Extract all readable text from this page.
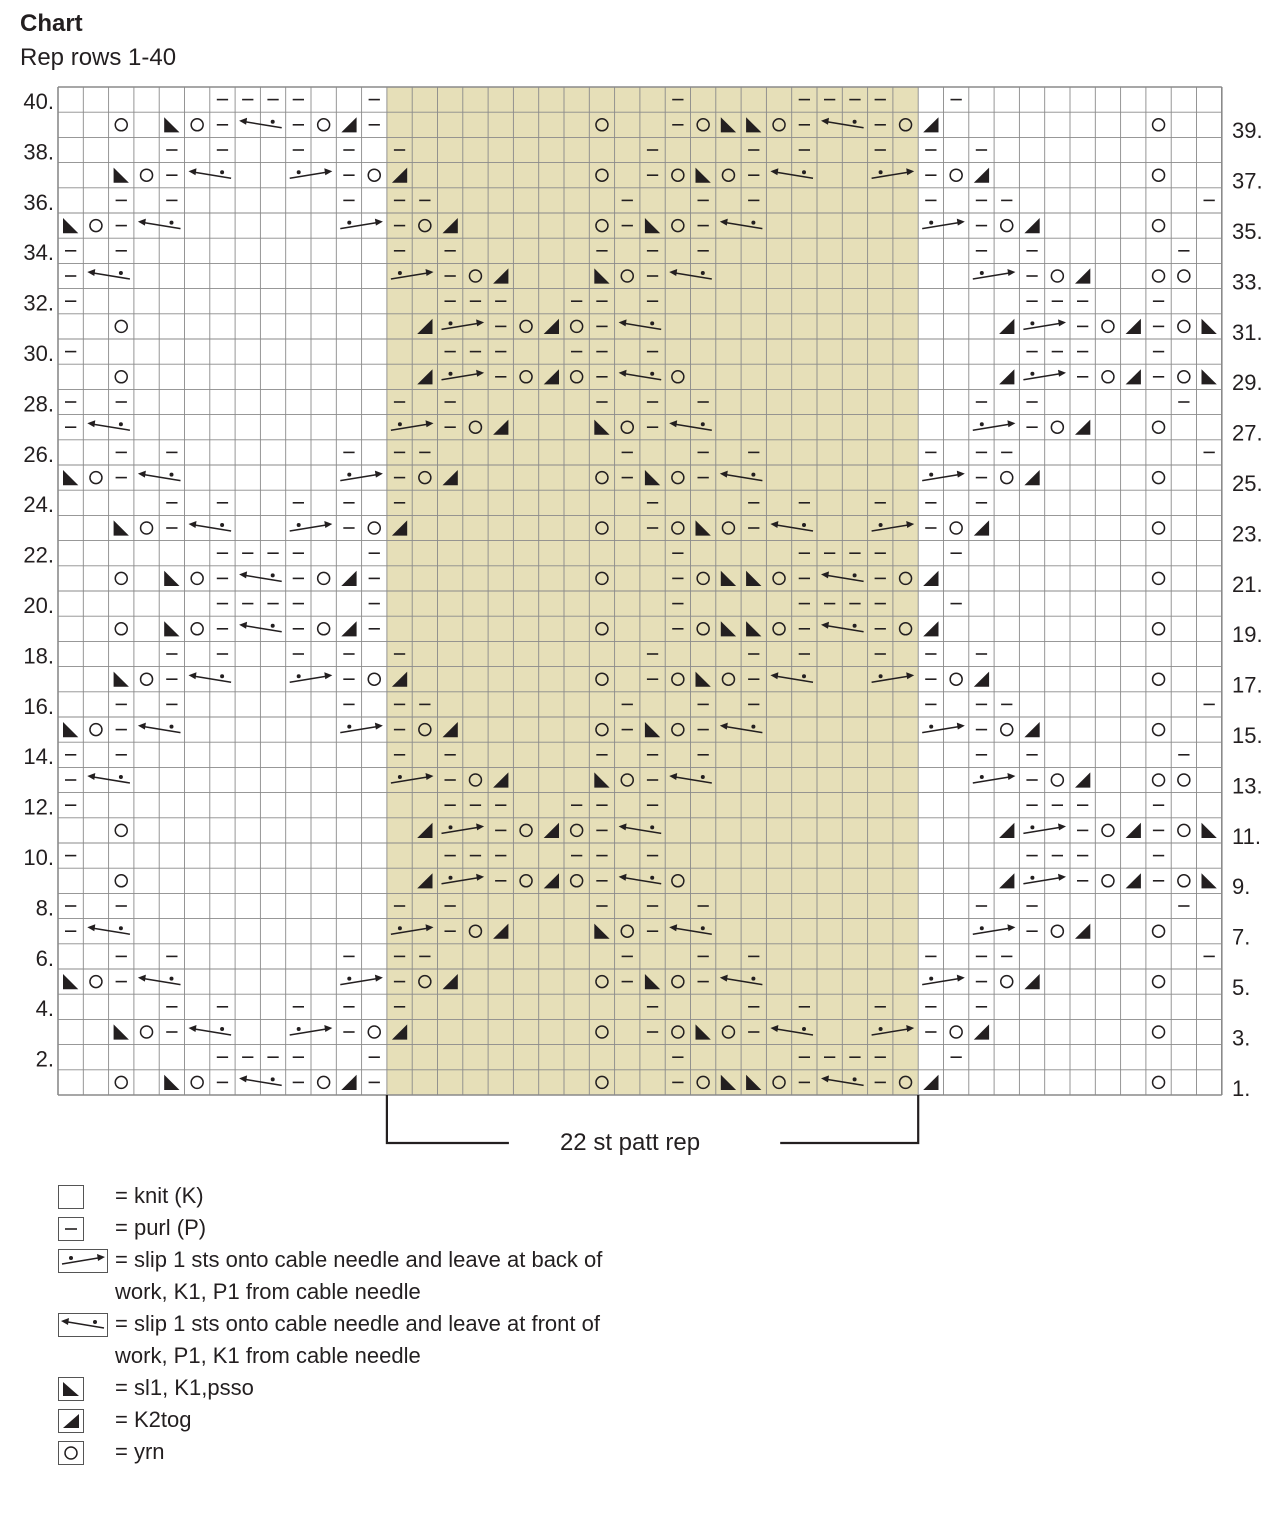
Chart
Rep rows 1-40
40.
38.
36.
34.
32.
30.
28.
26.
24.
22.
20.
18.
16.
14.
12.
10.
8.
6.
4.
2.
39.
37.
35.
33.
31.
29.
27.
25.
23.
21.
19.
17.
15.
13.
11.
9.
7.
5.
3.
1.
22 st patt rep
= knit (K)
= purl (P)
= slip 1 sts onto cable needle and leave at back of work, K1, P1 from cable needle
= slip 1 sts onto cable needle and leave at front of work, P1, K1 from cable needle
= sl1, K1,psso
= K2tog
= yrn
